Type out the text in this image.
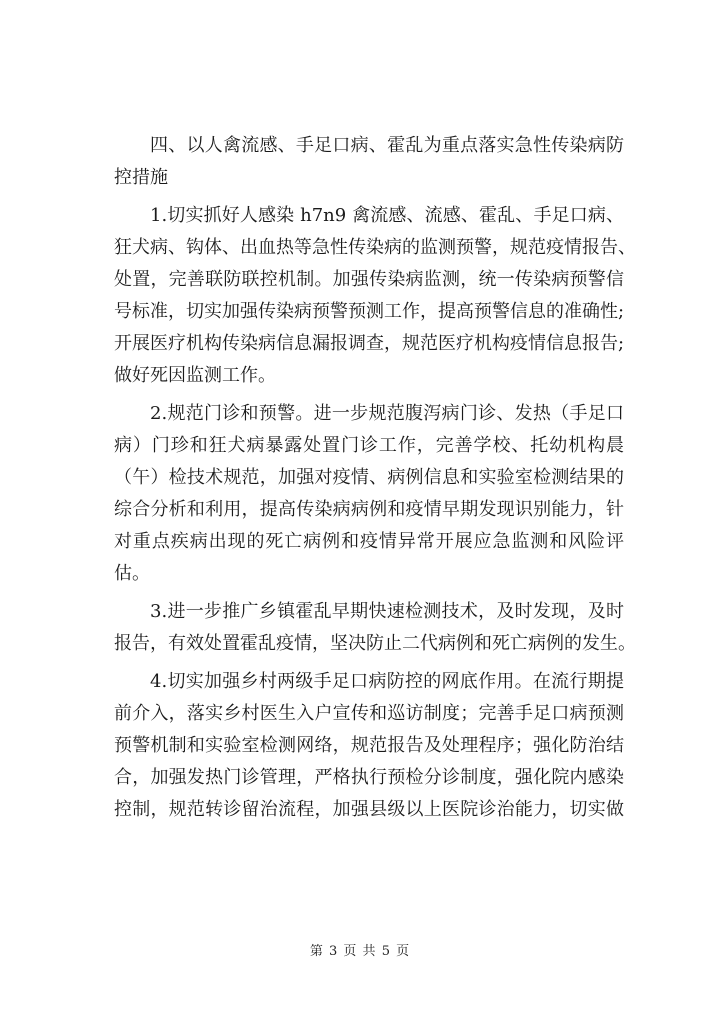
四、以人禽流感、手足口病、霍乱为重点落实急性传染病防
控措施
1.切实抓好人感染 h7n9 禽流感、流感、霍乱、手足口病、
狂犬病、钩体、出血热等急性传染病的监测预警，规范疫情报告、
处置，完善联防联控机制。加强传染病监测，统一传染病预警信
号标准，切实加强传染病预警预测工作，提高预警信息的准确性;
开展医疗机构传染病信息漏报调查，规范医疗机构疫情信息报告;
做好死因监测工作。
2.规范门诊和预警。进一步规范腹泻病门诊、发热（手足口
病）门珍和狂犬病暴露处置门诊工作，完善学校、托幼机构晨
（午）检技术规范，加强对疫情、病例信息和实验室检测结果的
综合分析和利用，提高传染病病例和疫情早期发现识别能力，针
对重点疾病出现的死亡病例和疫情异常开展应急监测和风险评
估。
3.进一步推广乡镇霍乱早期快速检测技术，及时发现，及时
报告，有效处置霍乱疫情，坚决防止二代病例和死亡病例的发生。
4.切实加强乡村两级手足口病防控的网底作用。在流行期提
前介入，落实乡村医生入户宣传和巡访制度；完善手足口病预测
预警机制和实验室检测网络，规范报告及处理程序；强化防治结
合，加强发热门诊管理，严格执行预检分诊制度，强化院内感染
控制，规范转诊留治流程，加强县级以上医院诊治能力，切实做
第 3 页 共 5 页
